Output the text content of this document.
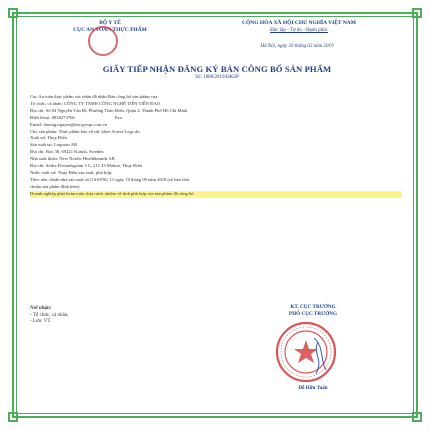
BỘ Y TẾ
CỤC AN TOÀN THỰC PHẨM
CỘNG HÒA XÃ HỘI CHỦ NGHĨA VIỆT NAM
Độc lập - Tự do - Hạnh phúc
Hà Nội, ngày 26 tháng 02 năm 2019
GIẤY TIẾP NHẬN ĐĂNG KÝ BẢN CÔNG BỐ SẢN PHẨM
Số: 1888/2019/ĐKSP
Cục An toàn thực phẩm xác nhận đã nhận Bản công bố sản phẩm của:
Tổ chức, cá nhân: CÔNG TY TNHH CÔNG NGHỆ TIẾN TIẾN ĐẠO
Địa chỉ: Số 04 Nguyễn Văn Đi, Phường Thảo Điền, Quận 2, Thành Phố Hồ Chí Minh
Điện thoại: 0838273766                                   Fax:
Email: thuong.nguyen@tm-group.com.vn
Cho sản phẩm: Thực phẩm bảo vệ sức khỏe Active Legs do:
Xuất xứ: Thụy Điển
Sản xuất tại: Legosan AB
Địa chỉ: Box 38, 69221 Kumla, Sweden
Nhà xuất khẩu: New Nordic Healthbrands AB
Địa chỉ: Södra Förstadsgatan 3 C, 211 43 Malmö, Thụy Điển
Nước xuất xứ: Thụy Điển sản xuất, phù hợp:
Theo tiêu chuẩn nhà sản xuất số CAS/PSC 11 ngày 10 tháng 09 năm 2018 (số bản tiêu
chuẩn sản phẩm đính kèm)
Doanh nghiệp phải hoàn toàn chịu trách nhiệm về tính phù hợp của sản phẩm đã công bố.
Nơi nhận:
- Tổ chức, cá nhân;
- Lưu: VT.
KT. CỤC TRƯỞNG
PHÓ CỤC TRƯỞNG
Đỗ Hữu Tuấn
